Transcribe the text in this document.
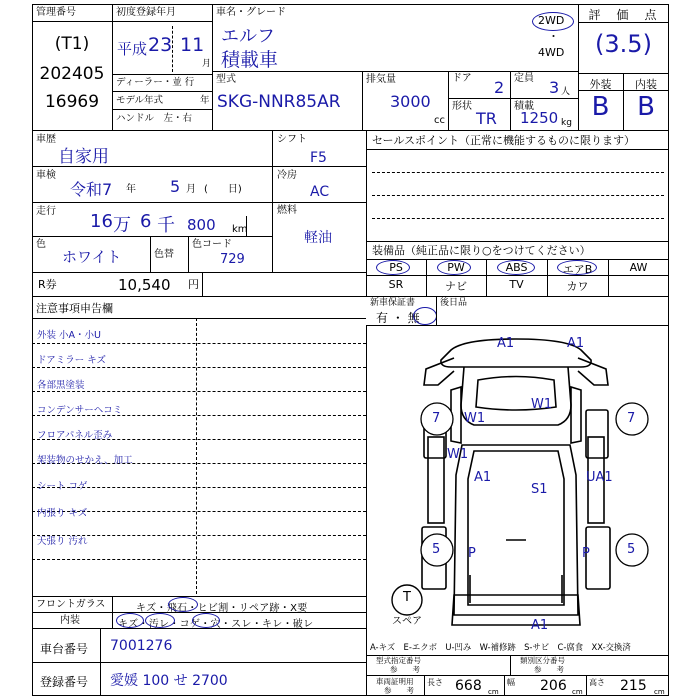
管理番号
(T1)
202405
16969
初度登録年月
平成 23 11
月
ディーラー・並 行
モデル年式	年
ハンドル　左・右
車名・グレード
エルフ
積載車
2WD
・
4WD
型式
SKG-NNR85AR
排気量
3000
cc
ドア 2 定員 3 人
形状
TR
積載
1250 kg
評　価　点
(3.5)
外装	内装
B	B
車歴
自家用
車検
令和7 年 5 月 (　　日)
走行 16 万 6 千 800 km
色
ホワイト	色替
色コード
729
シフト
F5
冷房
AC
燃料
軽油
R券	10,540 円
セールスポイント（正常に機能するものに限ります）
装備品（純正品に限り○をつけてください）
PS	PW	ABS	エアB	AW
SR	ナビ	TV	カワ
新車保証書
有 ・ 無
後日品
注意事項申告欄
外装 小A・小U
ドアミラー キズ
各部黒塗装
コンデンサーヘコミ
フロアパネル歪み
架装物のせかえ、加工
シート コゲ
内張り キズ
天張り 汚れ
フロントガラス	キズ・飛石・ヒビ割・リペア跡・X要
内装	キズ・汚レ・コゲ・穴・スレ・キレ・破レ
車台番号 7001276
登録番号 愛媛 100 せ 2700
A-キズ　E-エクボ　U-凹み　W-補修跡　S-サビ　C-腐食　XX-交換済
型式指定番号
参　　考
類別区分番号
参　　考
車両証明用
参　　考
長さ 668 cm
幅 206 cm
高さ 215 cm
A1	A1
W1
W1
W1
A1	UA1
S1
7	7
5	5
P	P
A1
T
スペア
